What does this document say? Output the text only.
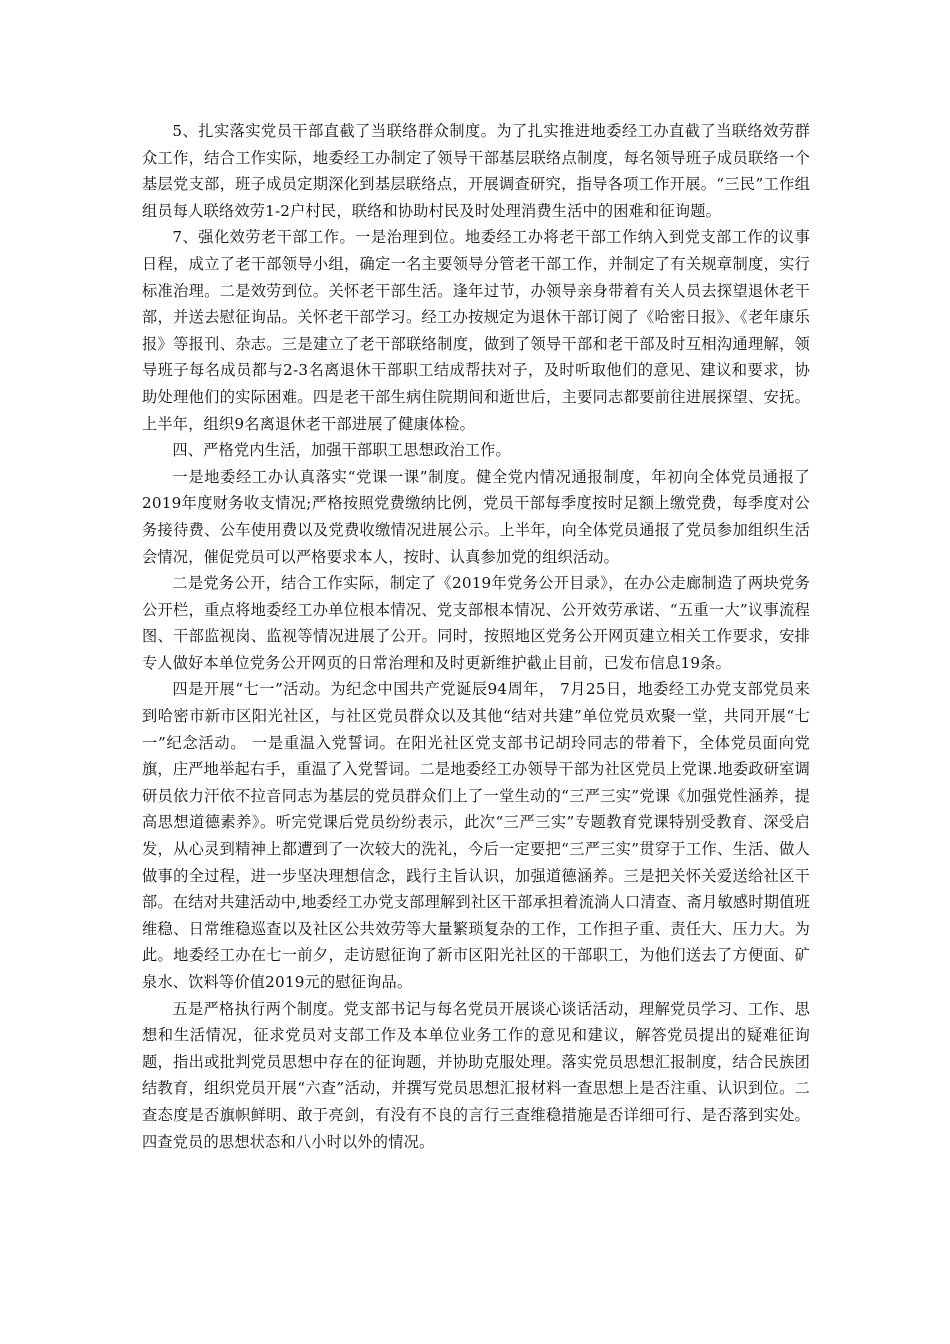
5、扎实落实党员干部直截了当联络群众制度。为了扎实推进地委经工办直截了当联络效劳群众工作，结合工作实际，地委经工办制定了领导干部基层联络点制度，每名领导班子成员联络一个基层党支部，班子成员定期深化到基层联络点，开展调查研究，指导各项工作开展。“三民”工作组组员每人联络效劳1-2户村民，联络和协助村民及时处理消费生活中的困难和征询题。

7、强化效劳老干部工作。一是治理到位。地委经工办将老干部工作纳入到党支部工作的议事日程，成立了老干部领导小组，确定一名主要领导分管老干部工作，并制定了有关规章制度，实行标准治理。二是效劳到位。关怀老干部生活。逢年过节，办领导亲身带着有关人员去探望退休老干部，并送去慰征询品。关怀老干部学习。经工办按规定为退休干部订阅了《哈密日报》、《老年康乐报》等报刊、杂志。三是建立了老干部联络制度，做到了领导干部和老干部及时互相沟通理解，领导班子每名成员都与2-3名离退休干部职工结成帮扶对子，及时听取他们的意见、建议和要求，协助处理他们的实际困难。四是老干部生病住院期间和逝世后，主要同志都要前往进展探望、安抚。上半年，组织9名离退休老干部进展了健康体检。

四、严格党内生活，加强干部职工思想政治工作。

一是地委经工办认真落实“党课一课”制度。健全党内情况通报制度，年初向全体党员通报了2019年度财务收支情况;严格按照党费缴纳比例，党员干部每季度按时足额上缴党费，每季度对公务接待费、公车使用费以及党费收缴情况进展公示。上半年，向全体党员通报了党员参加组织生活会情况，催促党员可以严格要求本人，按时、认真参加党的组织活动。

二是党务公开，结合工作实际，制定了《2019年党务公开目录》，在办公走廊制造了两块党务公开栏，重点将地委经工办单位根本情况、党支部根本情况、公开效劳承诺、“五重一大”议事流程图、干部监视岗、监视等情况进展了公开。同时，按照地区党务公开网页建立相关工作要求，安排专人做好本单位党务公开网页的日常治理和及时更新维护截止目前，已发布信息19条。

四是开展“七一”活动。为纪念中国共产党诞辰94周年， 7月25日，地委经工办党支部党员来到哈密市新市区阳光社区，与社区党员群众以及其他“结对共建”单位党员欢聚一堂，共同开展“七一”纪念活动。 一是重温入党誓词。在阳光社区党支部书记胡玲同志的带着下，全体党员面向党旗，庄严地举起右手，重温了入党誓词。二是地委经工办领导干部为社区党员上党课.地委政研室调研员依力汗依不拉音同志为基层的党员群众们上了一堂生动的“三严三实”党课《加强党性涵养，提高思想道德素养》。听完党课后党员纷纷表示，此次“三严三实”专题教育党课特别受教育、深受启发，从心灵到精神上都遭到了一次较大的洗礼，今后一定要把“三严三实”贯穿于工作、生活、做人做事的全过程，进一步坚决理想信念，践行主旨认识，加强道德涵养。三是把关怀关爱送给社区干部。在结对共建活动中,地委经工办党支部理解到社区干部承担着流淌人口清查、斋月敏感时期值班维稳、日常维稳巡查以及社区公共效劳等大量繁琐复杂的工作，工作担子重、责任大、压力大。为此。地委经工办在七一前夕，走访慰征询了新市区阳光社区的干部职工，为他们送去了方便面、矿泉水、饮料等价值2019元的慰征询品。

五是严格执行两个制度。党支部书记与每名党员开展谈心谈话活动，理解党员学习、工作、思想和生活情况，征求党员对支部工作及本单位业务工作的意见和建议，解答党员提出的疑难征询题，指出或批判党员思想中存在的征询题，并协助克服处理。落实党员思想汇报制度，结合民族团结教育，组织党员开展“六查”活动，并撰写党员思想汇报材料一查思想上是否注重、认识到位。二查态度是否旗帜鲜明、敢于亮剑，有没有不良的言行三查维稳措施是否详细可行、是否落到实处。四查党员的思想状态和八小时以外的情况。
